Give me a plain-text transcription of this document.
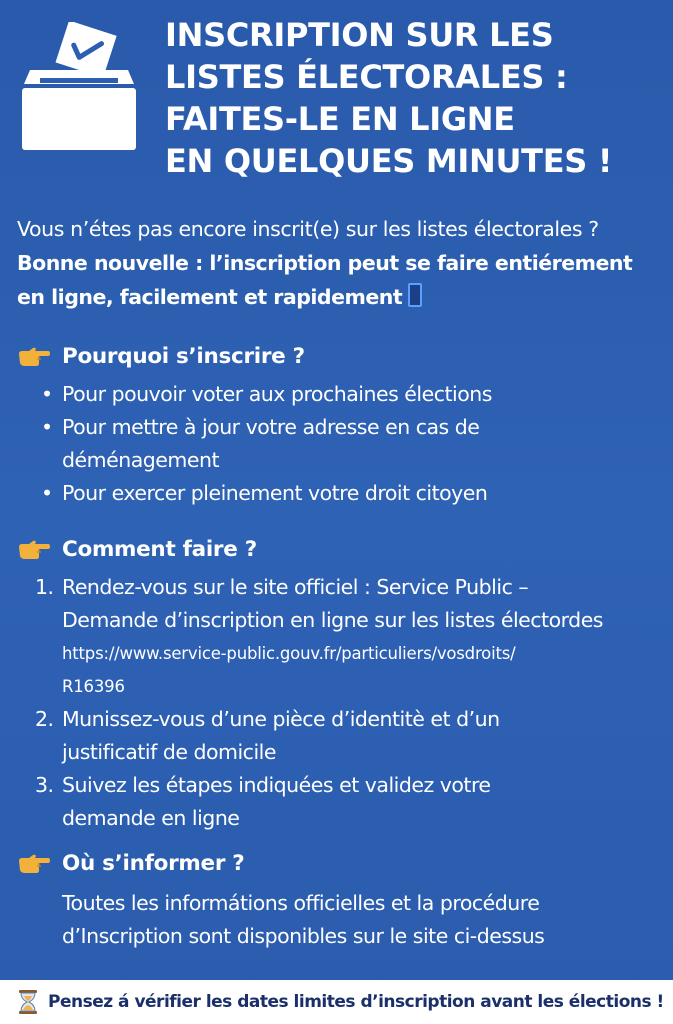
INSCRIPTION SUR LES
LISTES ÉLECTORALES :
FAITES-LE EN LIGNE
EN QUELQUES MINUTES !
Vous n’étes pas encore inscrit(e) sur les listes électorales ?
Bonne nouvelle : l’inscription peut se faire entiérement
en ligne, facilement et rapidement
Pourquoi s’inscrire ?
• Pour pouvoir voter aux prochaines élections
• Pour mettre à jour votre adresse en cas de
déménagement
• Pour exercer pleinement votre droit citoyen
Comment faire ?
1. Rendez-vous sur le site officiel : Service Public –
Demande d’inscription en ligne sur les listes électordes
https://www.service-public.gouv.fr/particuliers/vosdroits/
R16396
2. Munissez-vous d’une pièce d’identitè et d’un
justificatif de domicile
3. Suivez les étapes indiquées et validez votre
demande en ligne
Où s’informer ?
Toutes les informátions officielles et la procédure
d’Inscription sont disponibles sur le site ci-dessus
Pensez á vérifier les dates limites d’inscription avant les élections !
